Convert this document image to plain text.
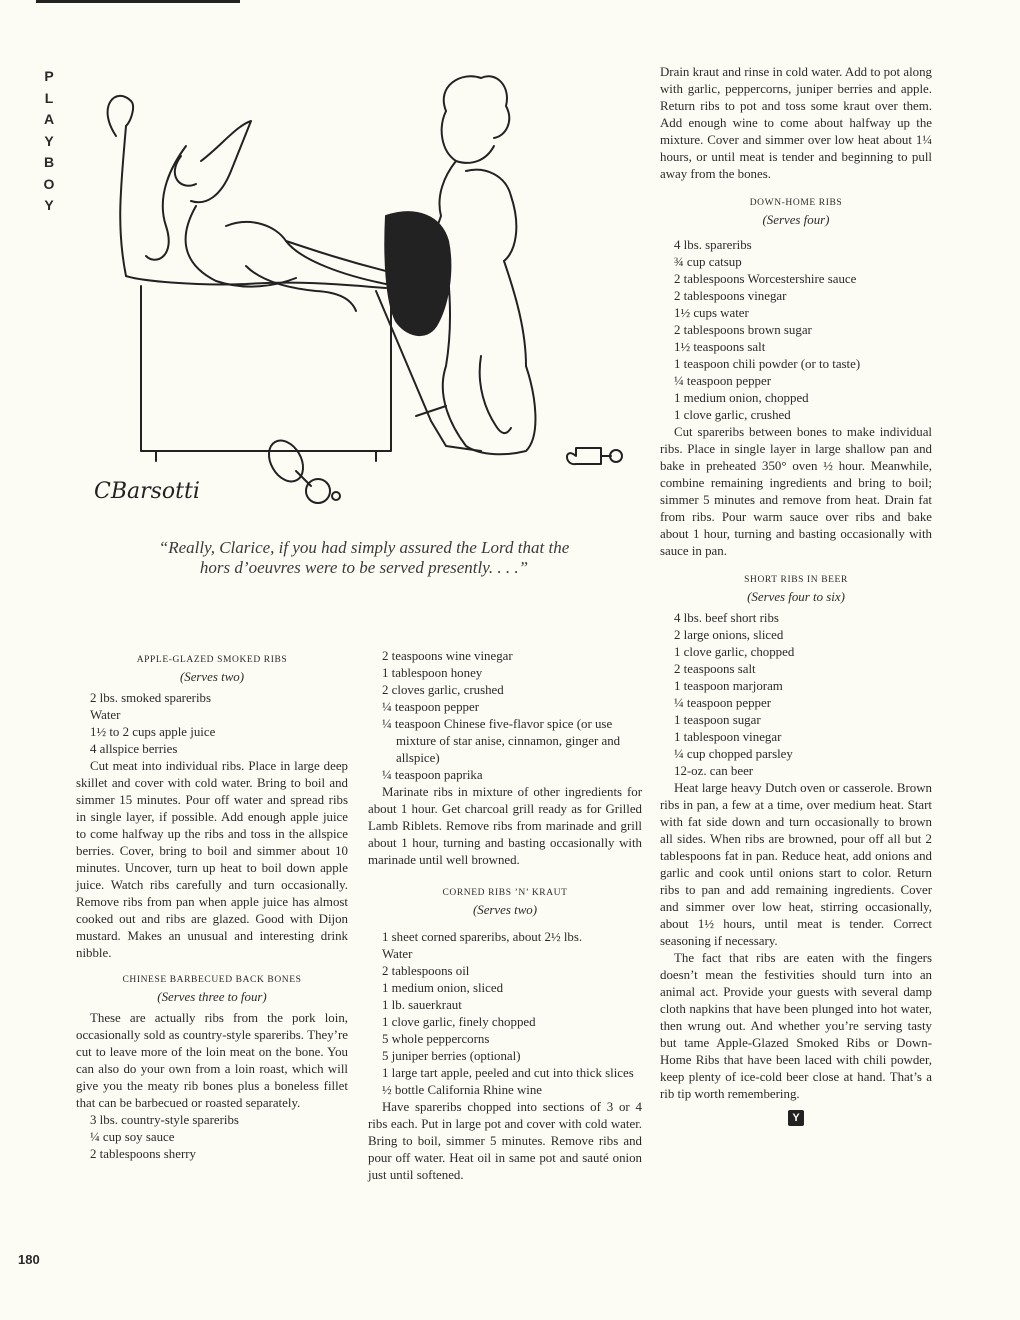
P
L
A
Y
B
O
Y
CBarsotti
“Really, Clarice, if you had simply assured the Lord that the hors d’oeuvres were to be served presently. . . .”
APPLE-GLAZED SMOKED RIBS
(Serves two)

2 lbs. smoked spareribs

Water

1½ to 2 cups apple juice

4 allspice berries

Cut meat into individual ribs. Place in large deep skillet and cover with cold water. Bring to boil and simmer 15 minutes. Pour off water and spread ribs in single layer, if possible. Add enough apple juice to come halfway up the ribs and toss in the allspice berries. Cover, bring to boil and simmer about 10 minutes. Uncover, turn up heat to boil down apple juice. Watch ribs carefully and turn occasionally. Remove ribs from pan when apple juice has almost cooked out and ribs are glazed. Good with Dijon mustard. Makes an unusual and interesting drink nibble.

CHINESE BARBECUED BACK BONES
(Serves three to four)

These are actually ribs from the pork loin, occasionally sold as country-style spareribs. They’re cut to leave more of the loin meat on the bone. You can also do your own from a loin roast, which will give you the meaty rib bones plus a boneless fillet that can be barbecued or roasted separately.

3 lbs. country-style spareribs

¼ cup soy sauce

2 tablespoons sherry

2 teaspoons wine vinegar

1 tablespoon honey

2 cloves garlic, crushed

¼ teaspoon pepper

¼ teaspoon Chinese five-flavor spice (or use mixture of star anise, cinnamon, ginger and allspice)

¼ teaspoon paprika

Marinate ribs in mixture of other ingredients for about 1 hour. Get charcoal grill ready as for Grilled Lamb Riblets. Remove ribs from marinade and grill about 1 hour, turning and basting occasionally with marinade until well browned.

CORNED RIBS ’N’ KRAUT
(Serves two)

1 sheet corned spareribs, about 2½ lbs.

Water

2 tablespoons oil

1 medium onion, sliced

1 lb. sauerkraut

1 clove garlic, finely chopped

5 whole peppercorns

5 juniper berries (optional)

1 large tart apple, peeled and cut into thick slices

½ bottle California Rhine wine

Have spareribs chopped into sections of 3 or 4 ribs each. Put in large pot and cover with cold water. Bring to boil, simmer 5 minutes. Remove ribs and pour off water. Heat oil in same pot and sauté onion just until softened.

Drain kraut and rinse in cold water. Add to pot along with garlic, peppercorns, juniper berries and apple. Return ribs to pot and toss some kraut over them. Add enough wine to come about halfway up the mixture. Cover and simmer over low heat about 1¼ hours, or until meat is tender and beginning to pull away from the bones.

DOWN-HOME RIBS
(Serves four)

4 lbs. spareribs

¾ cup catsup

2 tablespoons Worcestershire sauce

2 tablespoons vinegar

1½ cups water

2 tablespoons brown sugar

1½ teaspoons salt

1 teaspoon chili powder (or to taste)

¼ teaspoon pepper

1 medium onion, chopped

1 clove garlic, crushed

Cut spareribs between bones to make individual ribs. Place in single layer in large shallow pan and bake in preheated 350° oven ½ hour. Meanwhile, combine remaining ingredients and bring to boil; simmer 5 minutes and remove from heat. Drain fat from ribs. Pour warm sauce over ribs and bake about 1 hour, turning and basting occasionally with sauce in pan.

SHORT RIBS IN BEER
(Serves four to six)

4 lbs. beef short ribs

2 large onions, sliced

1 clove garlic, chopped

2 teaspoons salt

1 teaspoon marjoram

¼ teaspoon pepper

1 teaspoon sugar

1 tablespoon vinegar

¼ cup chopped parsley

12-oz. can beer

Heat large heavy Dutch oven or casserole. Brown ribs in pan, a few at a time, over medium heat. Start with fat side down and turn occasionally to brown all sides. When ribs are browned, pour off all but 2 tablespoons fat in pan. Reduce heat, add onions and garlic and cook until onions start to color. Return ribs to pan and add remaining ingredients. Cover and simmer over low heat, stirring occasionally, about 1½ hours, until meat is tender. Correct seasoning if necessary.

The fact that ribs are eaten with the fingers doesn’t mean the festivities should turn into an animal act. Provide your guests with several damp cloth napkins that have been plunged into hot water, then wrung out. And whether you’re serving tasty but tame Apple-Glazed Smoked Ribs or Down-Home Ribs that have been laced with chili powder, keep plenty of ice-cold beer close at hand. That’s a rib tip worth remembering.

Y
180
